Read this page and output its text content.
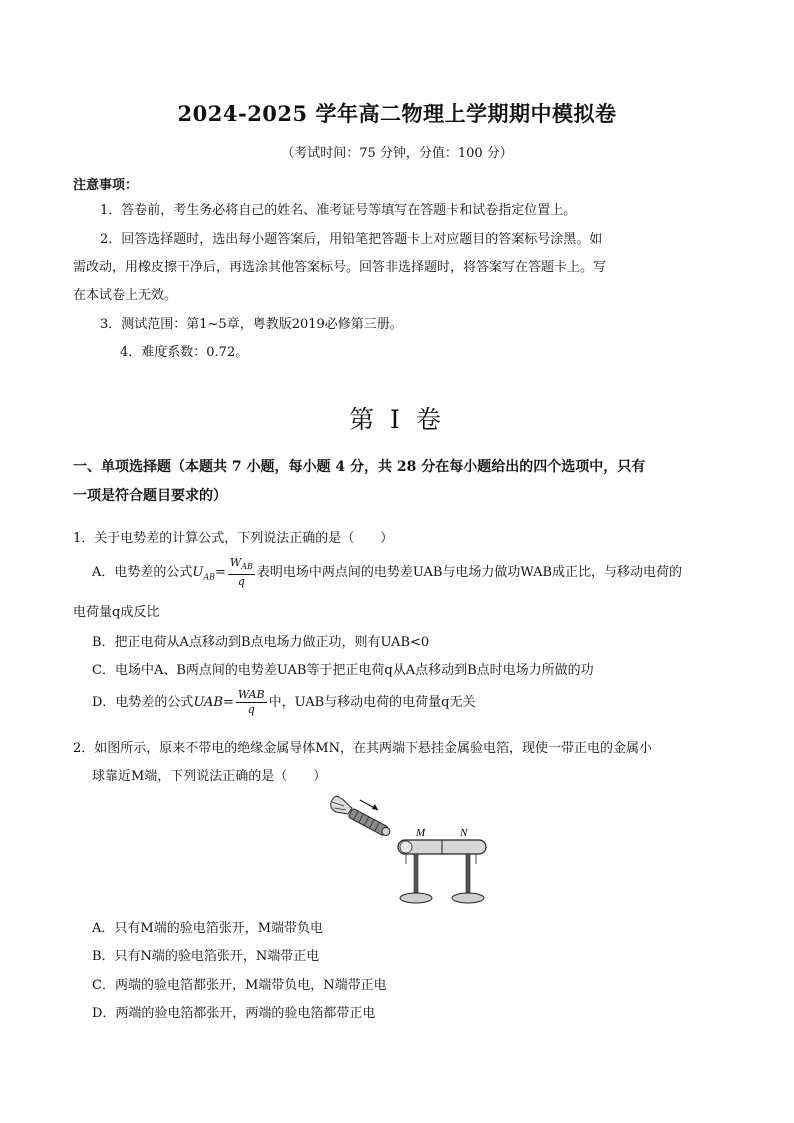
2024-2025 学年高二物理上学期期中模拟卷
（考试时间：75 分钟，分值：100 分）
注意事项：
1．答卷前，考生务必将自己的姓名、准考证号等填写在答题卡和试卷指定位置上。
2．回答选择题时，选出每小题答案后，用铅笔把答题卡上对应题目的答案标号涂黑。如
需改动，用橡皮擦干净后，再选涂其他答案标号。回答非选择题时，将答案写在答题卡上。写
在本试卷上无效。
3．测试范围：第1~5章，粤教版2019必修第三册。
4．难度系数：0.72。
第 I 卷
一、单项选择题（本题共 7 小题，每小题 4 分，共 28 分在每小题给出的四个选项中，只有
一项是符合题目要求的）
1．关于电势差的计算公式，下列说法正确的是（　　）
A．电势差的公式$U_{AB}= \frac{W_{AB}}{q}$ 表明电场中两点间的电势差UAB与电场力做功WAB成正比，与移动电荷的
电荷量q成反比
B．把正电荷从A点移动到B点电场力做正功，则有UAB<0
C．电场中A、B两点间的电势差UAB等于把正电荷q从A点移动到B点时电场力所做的功
D．电势差的公式$UAB= \frac{\text{WAB}}{q}$ 中，UAB与移动电荷的电荷量q无关
2．如图所示，原来不带电的绝缘金属导体MN，在其两端下悬挂金属验电箔，现使一带正电的金属小
球靠近M端，下列说法正确的是（　　）
M	N
A．只有M端的验电箔张开，M端带负电
B．只有N端的验电箔张开，N端带正电
C．两端的验电箔都张开，M端带负电，N端带正电
D．两端的验电箔都张开，两端的验电箔都带正电
